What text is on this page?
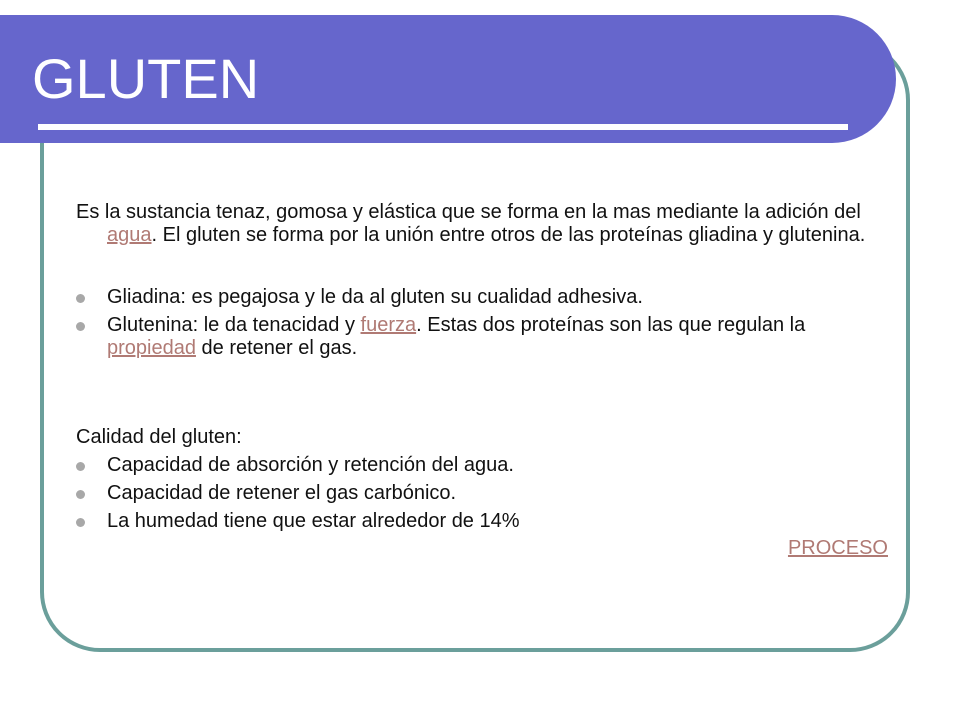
GLUTEN

Es la sustancia tenaz, gomosa y elástica que se forma en la mas mediante la adición del agua. El gluten se forma por la unión entre otros de las proteínas gliadina y glutenina.

Gliadina: es pegajosa y le da al gluten su cualidad adhesiva.
Glutenina: le da tenacidad y fuerza. Estas dos proteínas son las que regulan la propiedad de retener el gas.

Calidad del gluten:

Capacidad de absorción y retención del agua.
Capacidad de retener el gas carbónico.
La humedad tiene que estar alrededor de 14%
PROCESO
